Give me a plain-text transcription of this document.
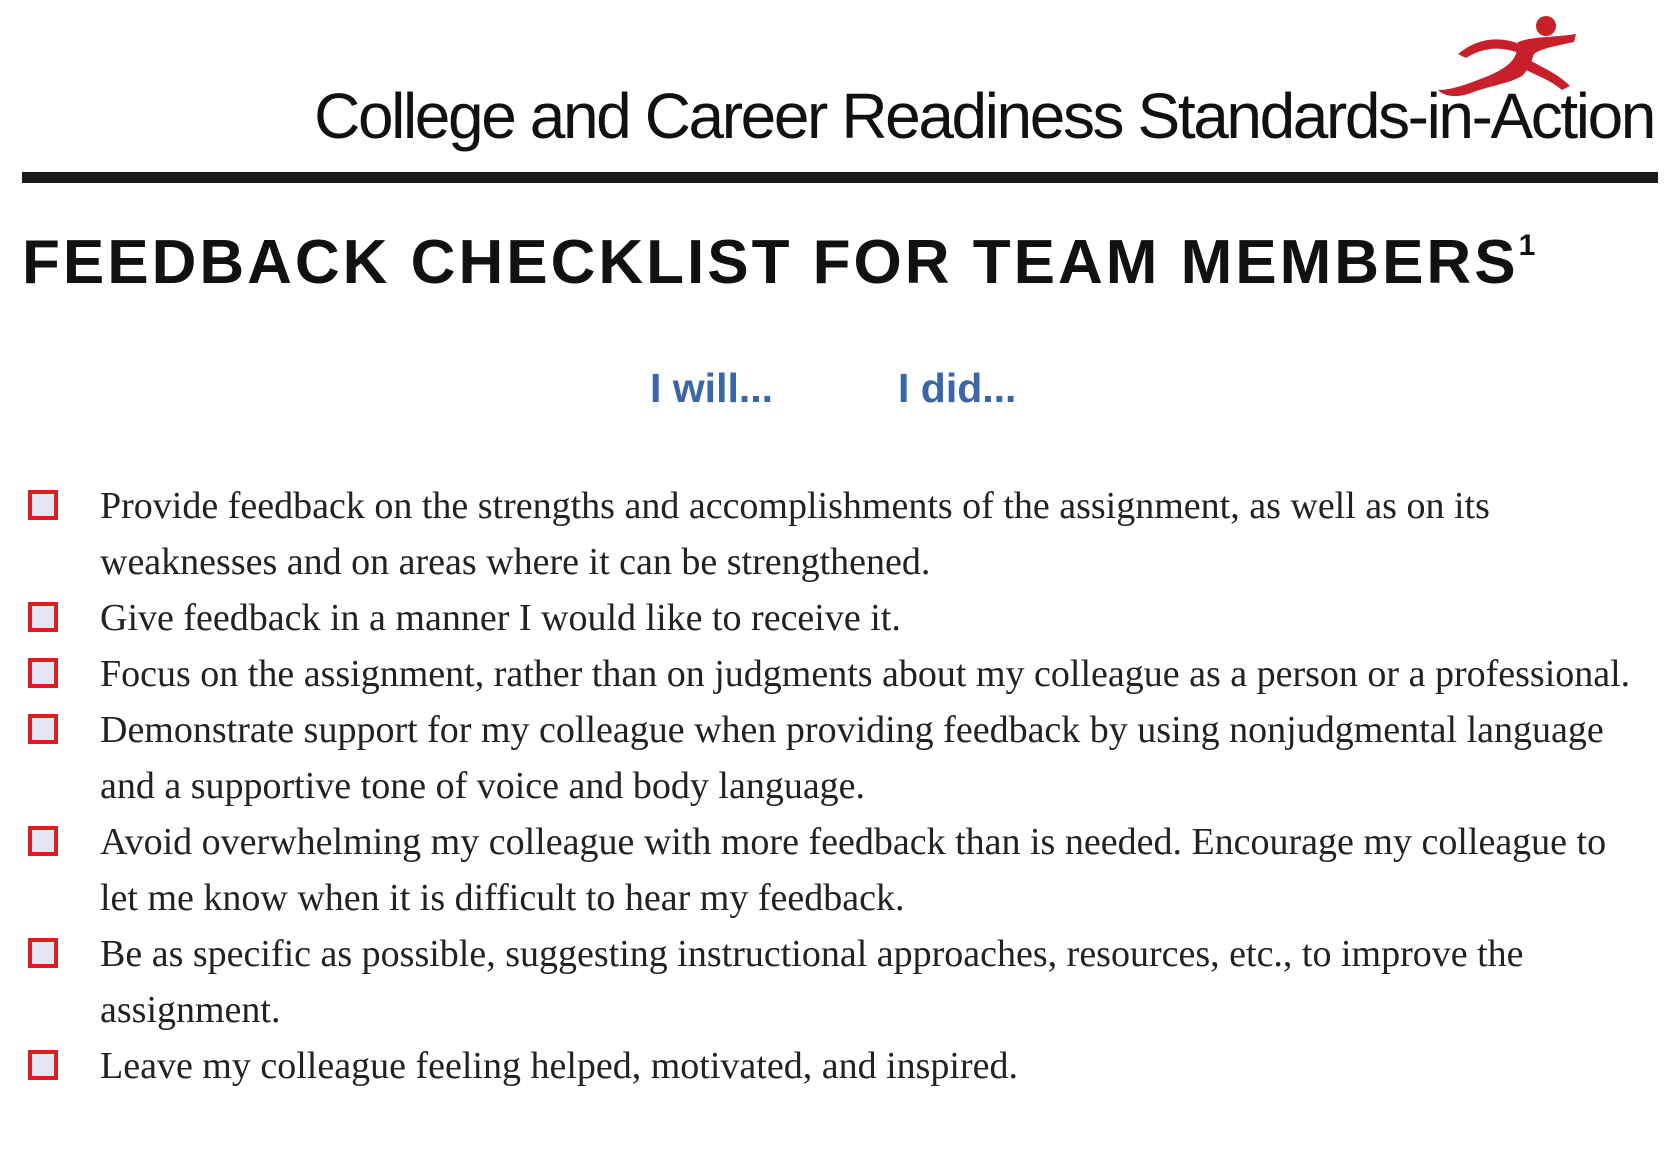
College and Career Readiness Standards-in-Action
FEEDBACK CHECKLIST FOR TEAM MEMBERS$^1$
I will...	I did...
Provide feedback on the strengths and accomplishments of the assignment, as well as on its weaknesses and on areas where it can be strengthened.
Give feedback in a manner I would like to receive it.
Focus on the assignment, rather than on judgments about my colleague as a person or a professional.
Demonstrate support for my colleague when providing feedback by using nonjudgmental language and a supportive tone of voice and body language.
Avoid overwhelming my colleague with more feedback than is needed. Encourage my colleague to let me know when it is difficult to hear my feedback.
Be as specific as possible, suggesting instructional approaches, resources, etc., to improve the assignment.
Leave my colleague feeling helped, motivated, and inspired.
